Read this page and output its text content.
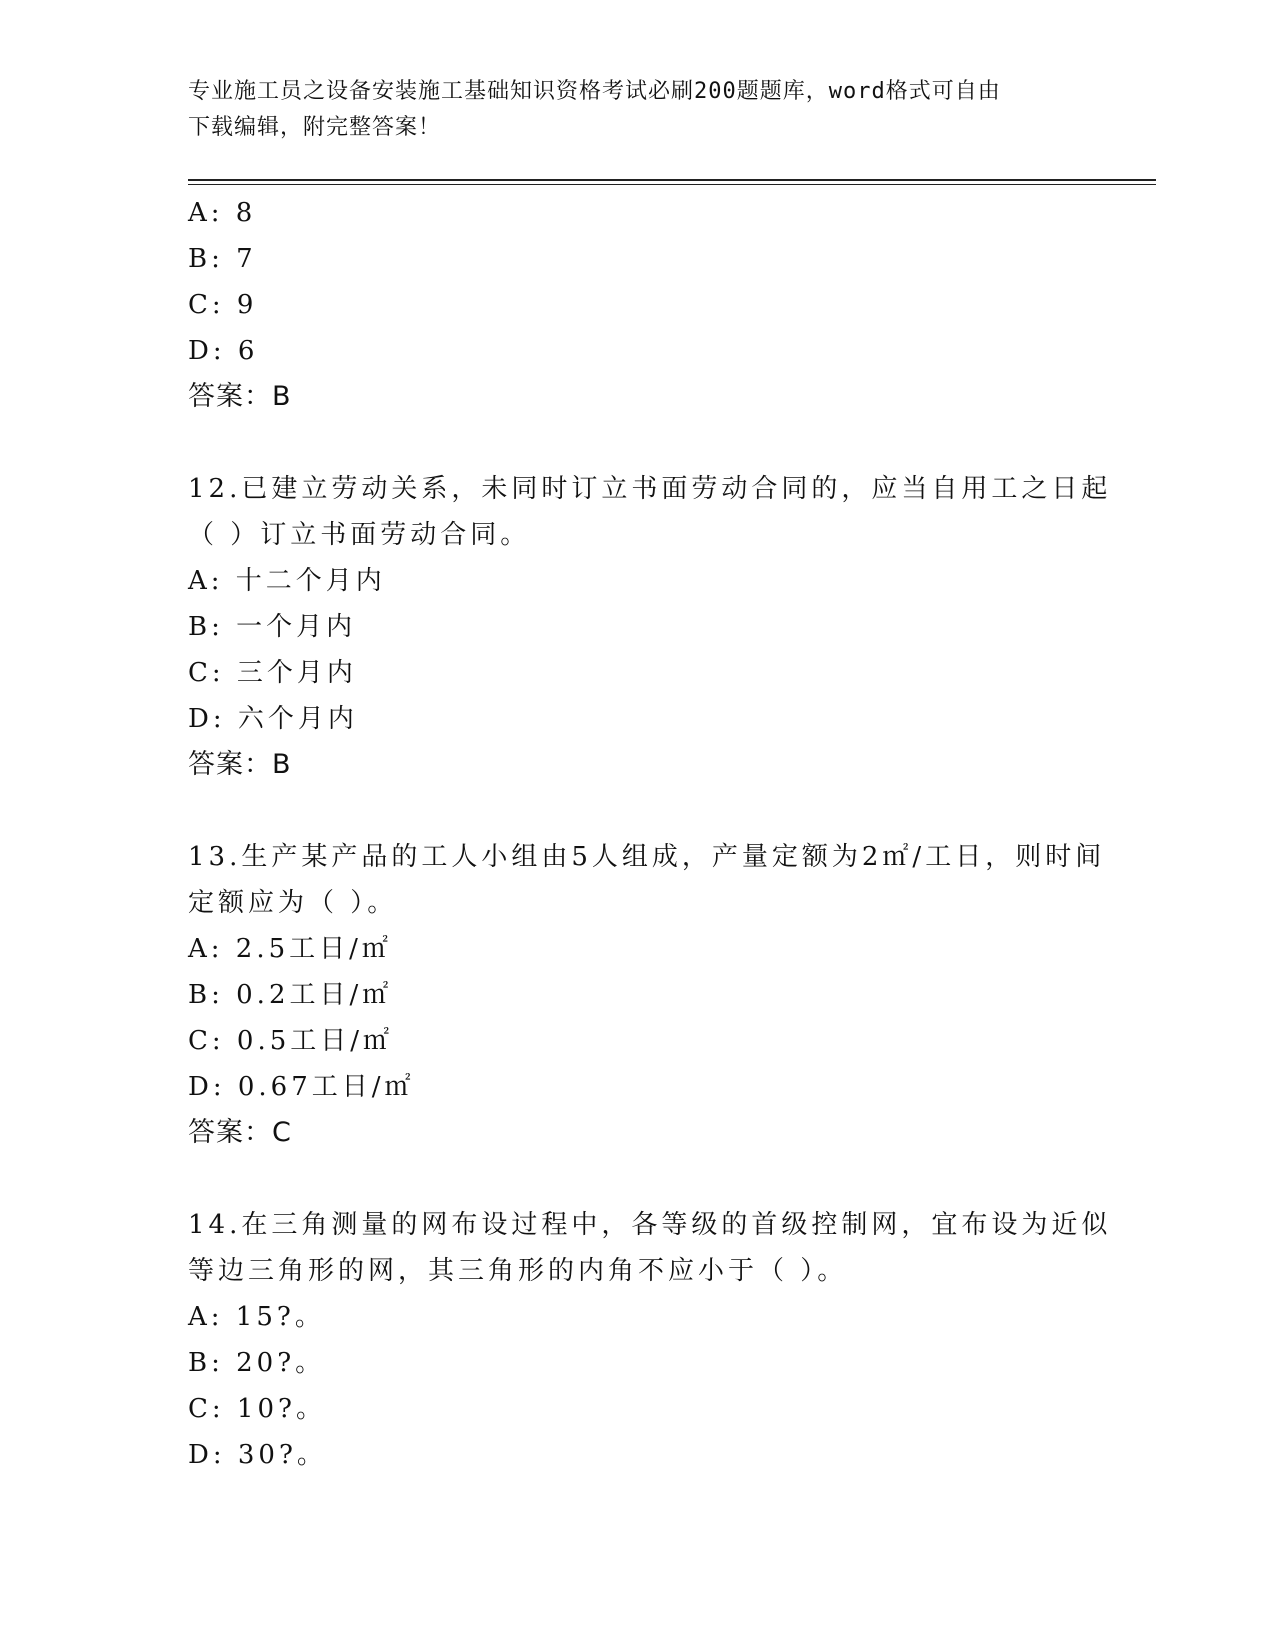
专业施工员之设备安装施工基础知识资格考试必刷200题题库，word格式可自由
下载编辑，附完整答案！
A: 8
B: 7
C: 9
D: 6
答案：B
12.已建立劳动关系，未同时订立书面劳动合同的，应当自用工之日起
（ ）订立书面劳动合同。
A: 十二个月内
B: 一个月内
C: 三个月内
D: 六个月内
答案：B
13.生产某产品的工人小组由5人组成，产量定额为2㎡/工日，则时间
定额应为（ ）。
A: 2.5工日/㎡
B: 0.2工日/㎡
C: 0.5工日/㎡
D: 0.67工日/㎡
答案：C
14.在三角测量的网布设过程中，各等级的首级控制网，宜布设为近似
等边三角形的网，其三角形的内角不应小于（ ）。
A: 15?。
B: 20?。
C: 10?。
D: 30?。
